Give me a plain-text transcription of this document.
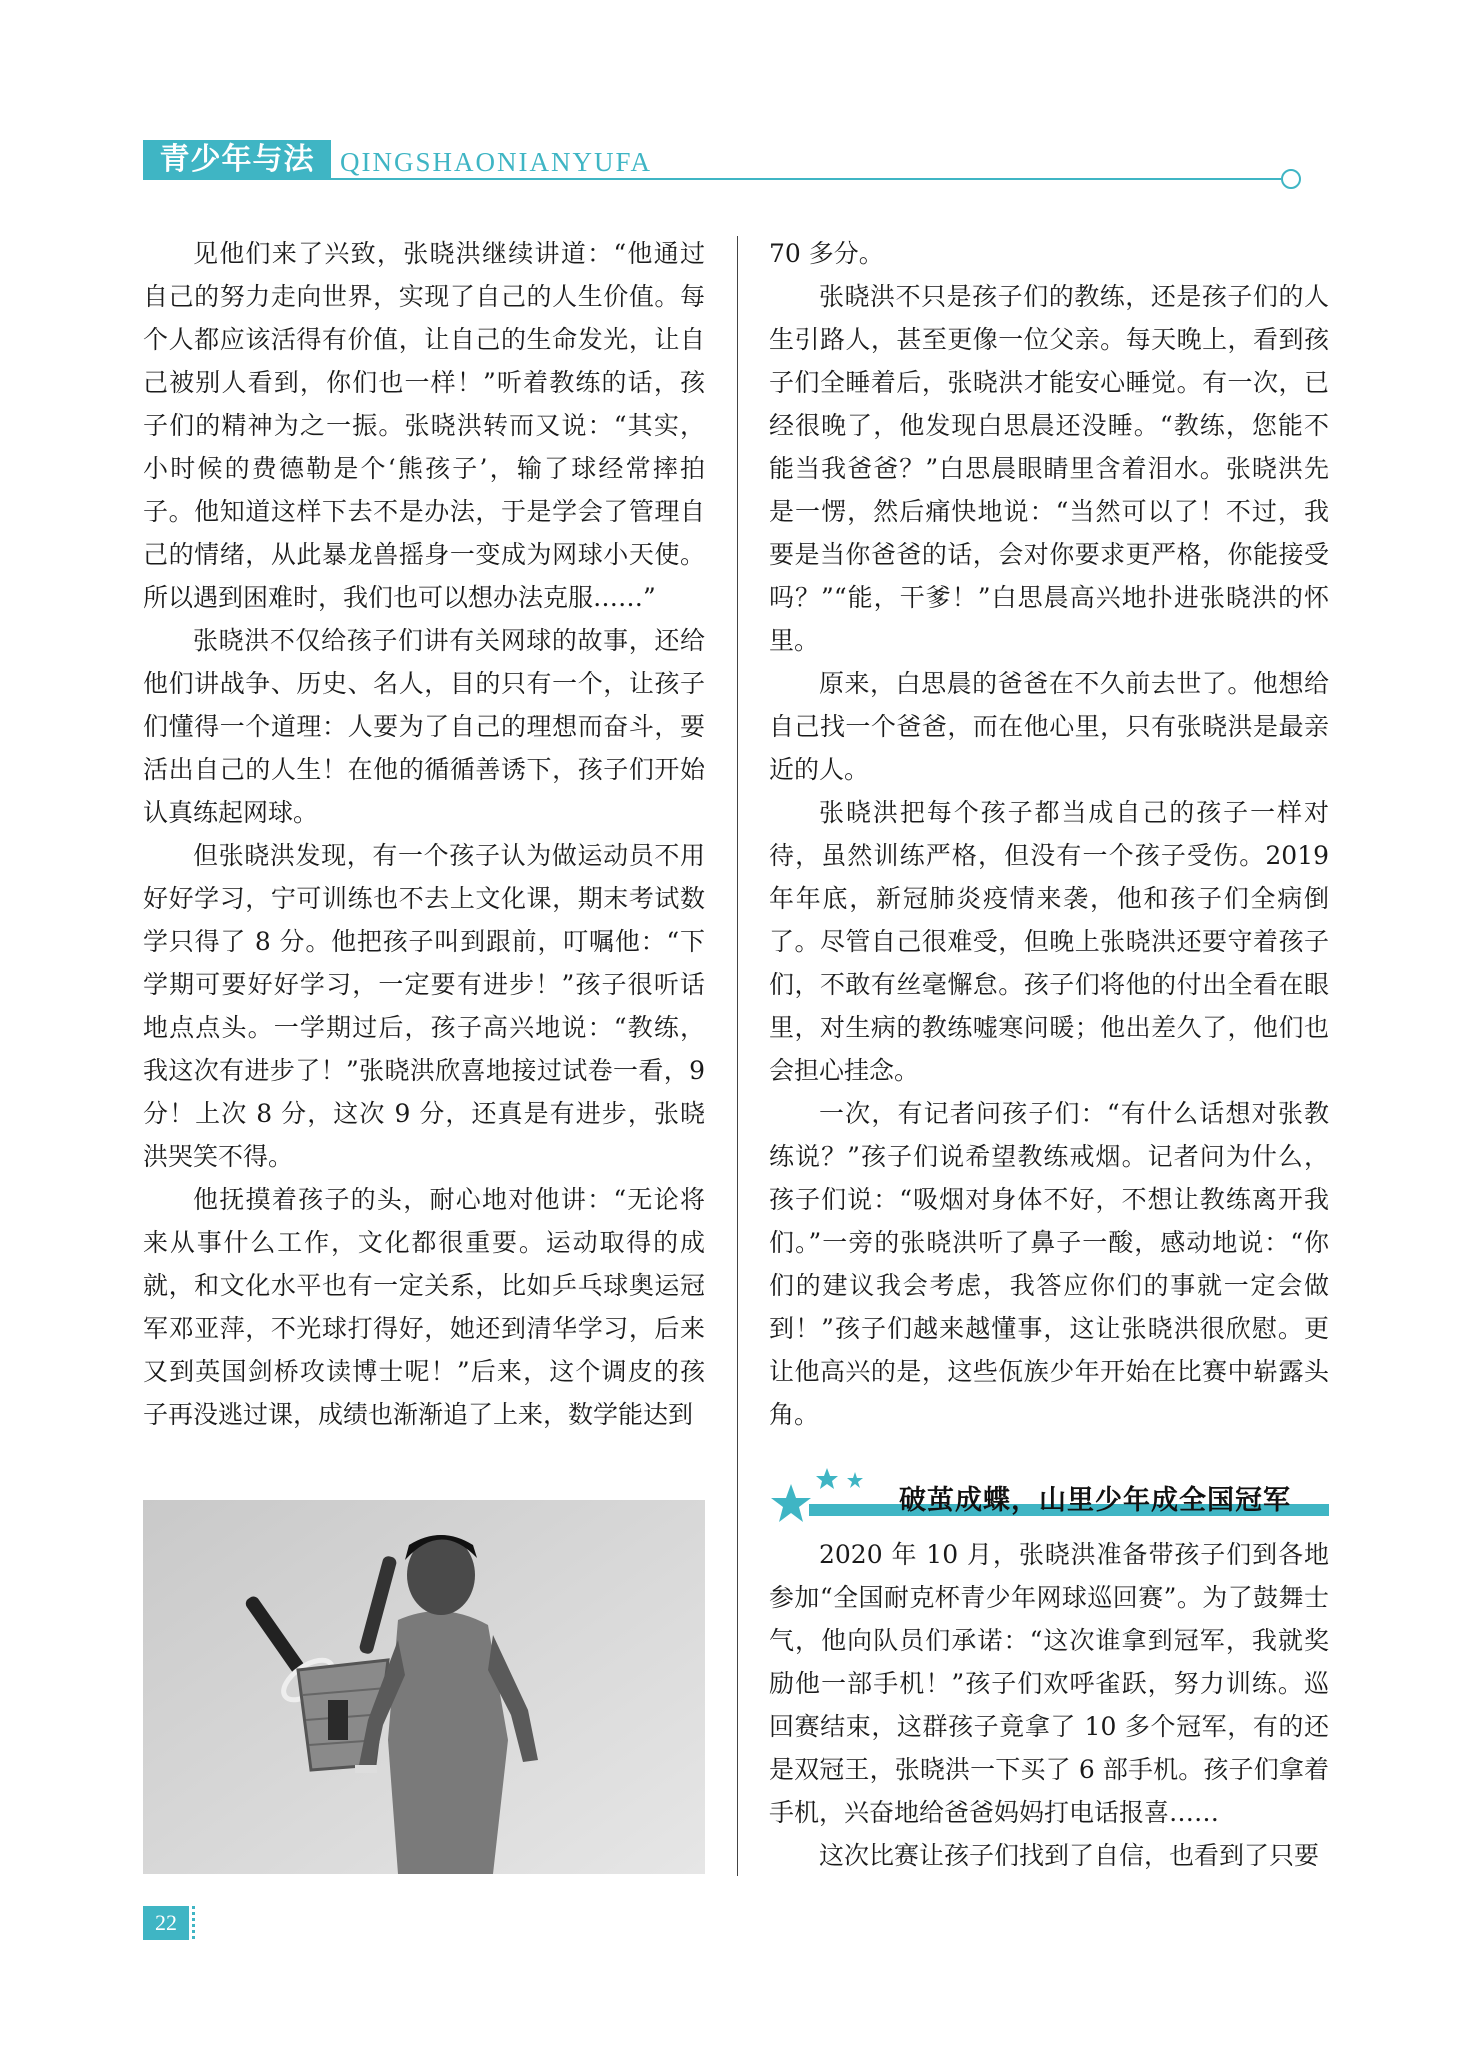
青少年与法 QINGSHAONIANYUFA

见他们来了兴致，张晓洪继续讲道：“他通过自己的努力走向世界，实现了自己的人生价值。每个人都应该活得有价值，让自己的生命发光，让自己被别人看到，你们也一样！”听着教练的话，孩子们的精神为之一振。张晓洪转而又说：“其实，小时候的费德勒是个‘熊孩子’，输了球经常摔拍子。他知道这样下去不是办法，于是学会了管理自己的情绪，从此暴龙兽摇身一变成为网球小天使。所以遇到困难时，我们也可以想办法克服……”

张晓洪不仅给孩子们讲有关网球的故事，还给他们讲战争、历史、名人，目的只有一个，让孩子们懂得一个道理：人要为了自己的理想而奋斗，要活出自己的人生！在他的循循善诱下，孩子们开始认真练起网球。

但张晓洪发现，有一个孩子认为做运动员不用好好学习，宁可训练也不去上文化课，期末考试数学只得了 8 分。他把孩子叫到跟前，叮嘱他：“下学期可要好好学习，一定要有进步！”孩子很听话地点点头。一学期过后，孩子高兴地说：“教练，我这次有进步了！”张晓洪欣喜地接过试卷一看，9 分！上次 8 分，这次 9 分，还真是有进步，张晓洪哭笑不得。

他抚摸着孩子的头，耐心地对他讲：“无论将来从事什么工作，文化都很重要。运动取得的成就，和文化水平也有一定关系，比如乒乓球奥运冠军邓亚萍，不光球打得好，她还到清华学习，后来又到英国剑桥攻读博士呢！”后来，这个调皮的孩子再没逃过课，成绩也渐渐追了上来，数学能达到

70 多分。

张晓洪不只是孩子们的教练，还是孩子们的人生引路人，甚至更像一位父亲。每天晚上，看到孩子们全睡着后，张晓洪才能安心睡觉。有一次，已经很晚了，他发现白思晨还没睡。“教练，您能不能当我爸爸？”白思晨眼睛里含着泪水。张晓洪先是一愣，然后痛快地说：“当然可以了！不过，我要是当你爸爸的话，会对你要求更严格，你能接受吗？”“能，干爹！”白思晨高兴地扑进张晓洪的怀里。

原来，白思晨的爸爸在不久前去世了。他想给自己找一个爸爸，而在他心里，只有张晓洪是最亲近的人。

张晓洪把每个孩子都当成自己的孩子一样对待，虽然训练严格，但没有一个孩子受伤。2019 年年底，新冠肺炎疫情来袭，他和孩子们全病倒了。尽管自己很难受，但晚上张晓洪还要守着孩子们，不敢有丝毫懈怠。孩子们将他的付出全看在眼里，对生病的教练嘘寒问暖；他出差久了，他们也会担心挂念。

一次，有记者问孩子们：“有什么话想对张教练说？”孩子们说希望教练戒烟。记者问为什么，孩子们说：“吸烟对身体不好，不想让教练离开我们。”一旁的张晓洪听了鼻子一酸，感动地说：“你们的建议我会考虑，我答应你们的事就一定会做到！”孩子们越来越懂事，这让张晓洪很欣慰。更让他高兴的是，这些佤族少年开始在比赛中崭露头角。

破茧成蝶，山里少年成全国冠军

2020 年 10 月，张晓洪准备带孩子们到各地参加“全国耐克杯青少年网球巡回赛”。为了鼓舞士气，他向队员们承诺：“这次谁拿到冠军，我就奖励他一部手机！”孩子们欢呼雀跃，努力训练。巡回赛结束，这群孩子竟拿了 10 多个冠军，有的还是双冠王，张晓洪一下买了 6 部手机。孩子们拿着手机，兴奋地给爸爸妈妈打电话报喜……

这次比赛让孩子们找到了自信，也看到了只要

22
